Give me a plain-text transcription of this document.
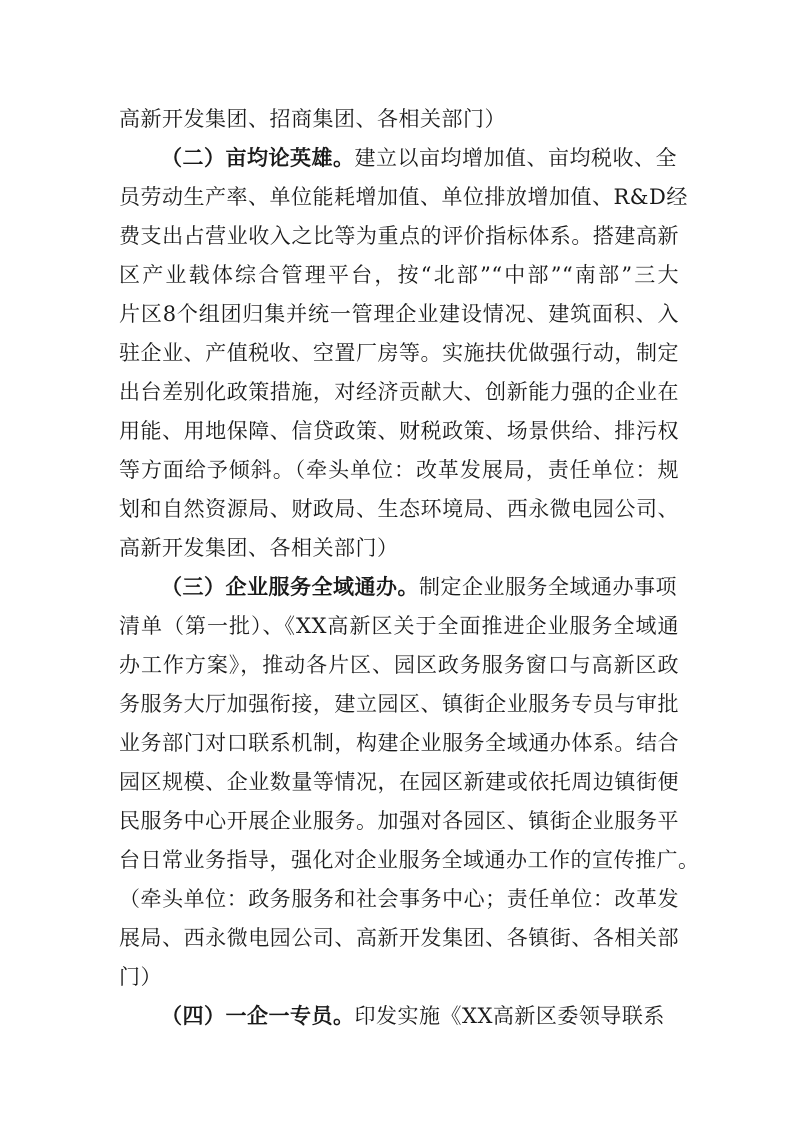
高新开发集团、招商集团、各相关部门）
（二）亩均论英雄。建立以亩均增加值、亩均税收、全
员劳动生产率、单位能耗增加值、单位排放增加值、R&D经
费支出占营业收入之比等为重点的评价指标体系。搭建高新
区产业载体综合管理平台，按“北部”“中部”“南部”三大
片区8个组团归集并统一管理企业建设情况、建筑面积、入
驻企业、产值税收、空置厂房等。实施扶优做强行动，制定
出台差别化政策措施，对经济贡献大、创新能力强的企业在
用能、用地保障、信贷政策、财税政策、场景供给、排污权
等方面给予倾斜。（牵头单位：改革发展局，责任单位：规
划和自然资源局、财政局、生态环境局、西永微电园公司、
高新开发集团、各相关部门）
（三）企业服务全域通办。制定企业服务全域通办事项
清单（第一批）、《XX高新区关于全面推进企业服务全域通
办工作方案》，推动各片区、园区政务服务窗口与高新区政
务服务大厅加强衔接，建立园区、镇街企业服务专员与审批
业务部门对口联系机制，构建企业服务全域通办体系。结合
园区规模、企业数量等情况，在园区新建或依托周边镇街便
民服务中心开展企业服务。加强对各园区、镇街企业服务平
台日常业务指导，强化对企业服务全域通办工作的宣传推广。
（牵头单位：政务服务和社会事务中心；责任单位：改革发
展局、西永微电园公司、高新开发集团、各镇街、各相关部
门）
（四）一企一专员。印发实施《XX高新区委领导联系
